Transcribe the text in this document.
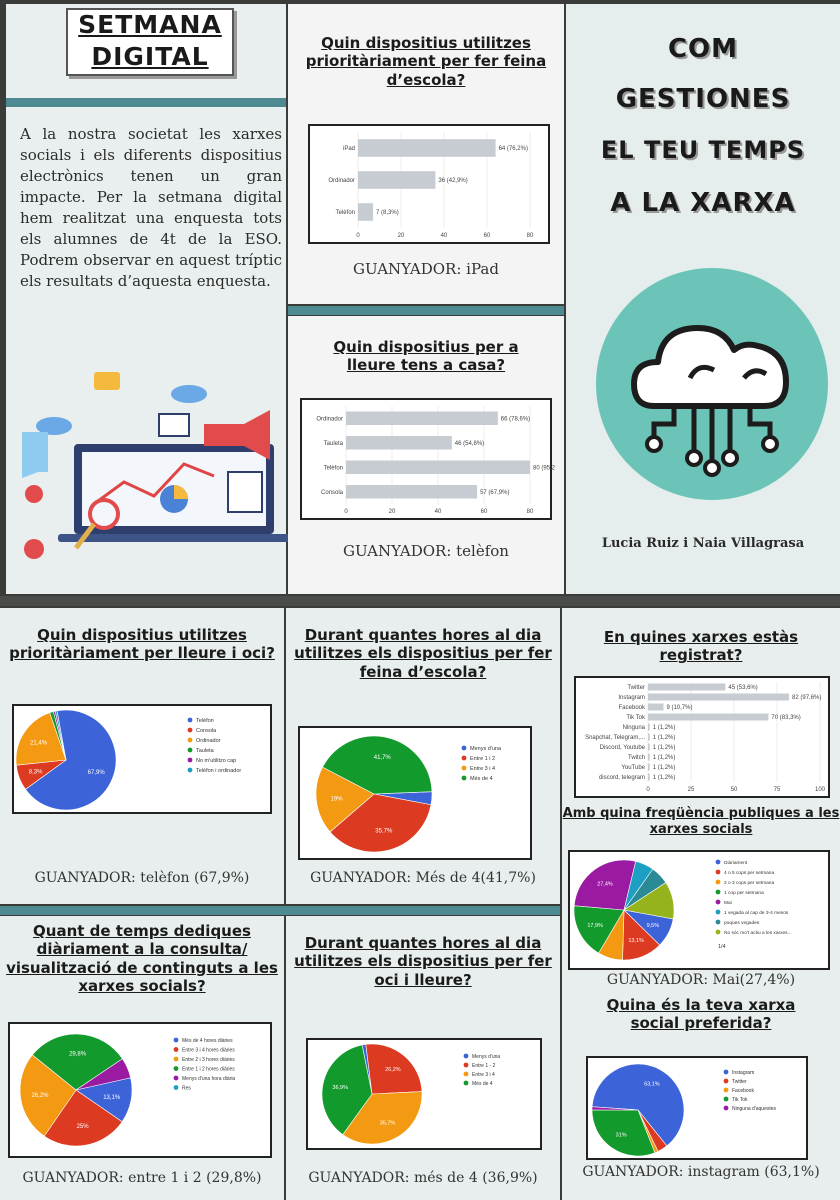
SETMANA
DIGITAL
A la nostra societat les xarxes socials i els diferents dispositius electrònics tenen un gran impacte. Per la setmana digital hem realitzat una enquesta tots els alumnes de 4t de la ESO. Podrem observar en aquest tríptic els resultats d’aquesta enquesta.
Quin dispositius utilitzes prioritàriament per fer feina d’escola?
0	20	40	60	80
iPad	64 (76,2%)
Ordinador	36 (42,9%)
Telèfon	7 (8,3%)
GUANYADOR: iPad
Quin dispositius per a lleure tens a casa?
0	20	40	60	80
Ordinador	66 (78,6%)
Tauleta	46 (54,8%)
Telèfon	80 (95,2
Consola	57 (67,9%)
GUANYADOR: telèfon
COM
GESTIONES
EL TEU TEMPS
A LA XARXA
Lucia Ruiz i Naia Villagrasa
Quin dispositius utilitzes prioritàriament per lleure i oci?
67,9%
8,3%
21,4%
Telèfon
Consola
Ordinador
Tauleta
No m'utilitzo cap
Telèfon i ordinador
GUANYADOR: telèfon (67,9%)
Durant quantes hores al dia utilitzes els dispositius per fer feina d’escola?
35,7%
19%
41,7%
Menys d'una
Entre 1 i 2
Entre 3 i 4
Més de 4
GUANYADOR: Més de 4(41,7%)
En quines xarxes estàs registrat?
0	25	50	75	100
Twitter	45 (53,6%)
Instagram	82 (97,6%)
Facebook	9 (10,7%)
Tik Tok	70 (83,3%)
Ninguna 1 (1,2%)
Snapchat, Telegram,... 1 (1,2%)
Discord, Youtube 1 (1,2%)
Twitch 1 (1,2%)
YouTube 1 (1,2%)
discord, telegram 1 (1,2%)
Amb quina freqüència publiques a les xarxes socials
9,5%
13,1%
17,9%
27,4%
Diàriament
4 o 5 cops per setmana
2 o 3 cops per setmana
1 cop per setmana
Mai
1 vegada al cap de 3-4 mesos
poques vegades
No sóc mo't actiu a les xarxes...
1/4
GUANYADOR: Mai(27,4%)
Quina és la teva xarxa social preferida?
63,1%
31%
Instagram
Twitter
Facebook
Tik Tok
Ninguna d'aquestes
GUANYADOR: instagram (63,1%)
Quant de temps dediques diàriament a la consulta/ visualització de continguts a les xarxes socials?
13,1%
25%
26,2%
29,8%
Més de 4 hores diàries
Entre 3 i 4 hores diàries
Entre 2 i 3 hores diàries
Entre 1 i 2 hores diàries
Menys d'una hora diària
Res
GUANYADOR: entre 1 i 2 (29,8%)
Durant quantes hores al dia utilitzes els dispositius per fer oci i lleure?
26,2%
35,7%
36,9%
Menys d'una
Entre 1 - 2
Entre 3 i 4
Més de 4
GUANYADOR: més de 4 (36,9%)
